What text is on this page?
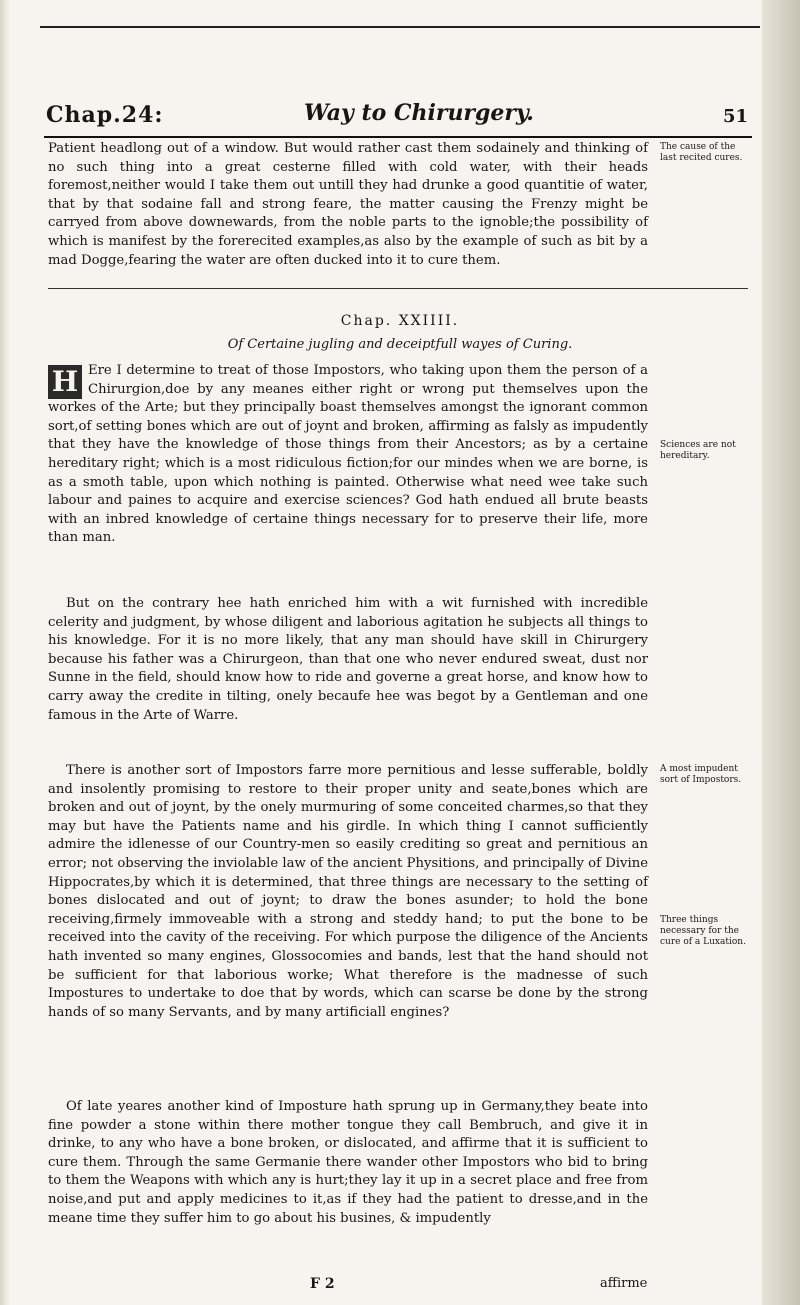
Chap.24:	Way to Chirurgery.	51

Patient headlong out of a window. But would rather cast them sodainely and thinking of no such thing into a great cesterne filled with cold water, with their heads foremost,neither would I take them out untill they had drunke a good quantitie of water, that by that sodaine fall and strong feare, the matter causing the Frenzy might be carryed from above downewards, from the noble parts to the ignoble;the possibility of which is manifest by the forerecited examples,as also by the example of such as bit by a mad Dogge,fearing the water are often ducked into it to cure them.

The cause of the last recited cures.
Chap. XXIIII.
Of Certaine jugling and deceiptfull wayes of Curing.
H Ere I determine to treat of those Impostors, who taking upon them the person of a Chirurgion,doe by any meanes either right or wrong put themselves upon the workes of the Arte; but they principally boast themselves amongst the ignorant common sort,of setting bones which are out of joynt and broken, affirming as falsly as impudently that they have the knowledge of those things from their Ancestors; as by a certaine hereditary right; which is a most ridiculous fiction;for our mindes when we are borne, is as a smoth table, upon which nothing is painted. Otherwise what need wee take such labour and paines to acquire and exercise sciences? God hath endued all brute beasts with an inbred knowledge of certaine things necessary for to preserve their life, more than man.
Sciences are not hereditary.

But on the contrary hee hath enriched him with a wit furnished with incredible celerity and judgment, by whose diligent and laborious agitation he subjects all things to his knowledge. For it is no more likely, that any man should have skill in Chirurgery because his father was a Chirurgeon, than that one who never endured sweat, dust nor Sunne in the field, should know how to ride and governe a great horse, and know how to carry away the credite in tilting, onely becaufe hee was begot by a Gentleman and one famous in the Arte of Warre.

There is another sort of Impostors farre more pernitious and lesse sufferable, boldly and insolently promising to restore to their proper unity and seate,bones which are broken and out of joynt, by the onely murmuring of some conceited charmes,so that they may but have the Patients name and his girdle. In which thing I cannot sufficiently admire the idlenesse of our Country-men so easily crediting so great and pernitious an error; not observing the inviolable law of the ancient Physitions, and principally of Divine Hippocrates,by which it is determined, that three things are necessary to the setting of bones dislocated and out of joynt; to draw the bones asunder; to hold the bone receiving,firmely immoveable with a strong and steddy hand; to put the bone to be received into the cavity of the receiving. For which purpose the diligence of the Ancients hath invented so many engines, Glossocomies and bands, lest that the hand should not be sufficient for that laborious worke; What therefore is the madnesse of such Impostures to undertake to doe that by words, which can scarse be done by the strong hands of so many Servants, and by many artificiall engines?

A most impudent sort of Impostors.
Three things necessary for the cure of a Luxation.

Of late yeares another kind of Imposture hath sprung up in Germany,they beate into fine powder a stone within there mother tongue they call Bembruch, and give it in drinke, to any who have a bone broken, or dislocated, and affirme that it is sufficient to cure them. Through the same Germanie there wander other Impostors who bid to bring to them the Weapons with which any is hurt;they lay it up in a secret place and free from noise,and put and apply medicines to it,as if they had the patient to dresse,and in the meane time they suffer him to go about his busines, & impudently

F 2	affirme
